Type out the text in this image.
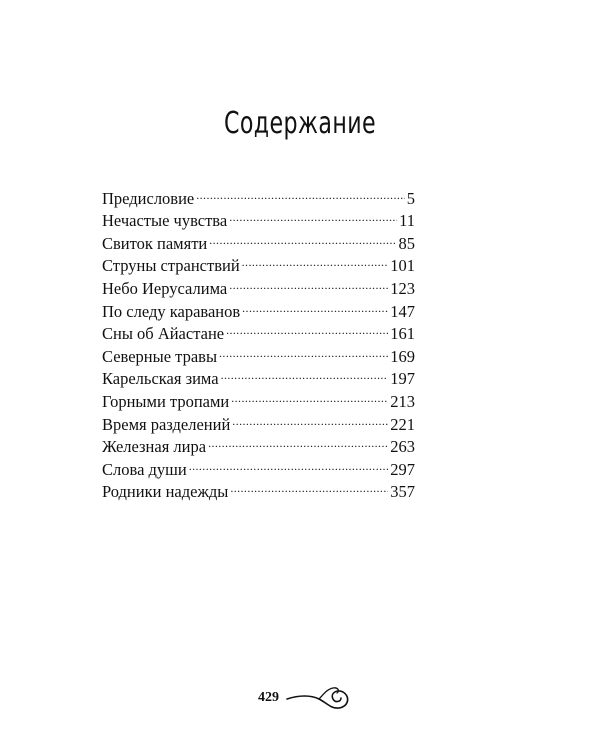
Содержание
Предисловие .....	5
Нечастые чувства .....	11
Свиток памяти .....	85
Струны странствий .....	101
Небо Иерусалима .....	123
По следу караванов .....	147
Сны об Айастане .....	161
Северные травы .....	169
Карельская зима .....	197
Горными тропами .....	213
Время разделений .....	221
Железная лира .....	263
Слова души .....	297
Родники надежды .....	357
429
